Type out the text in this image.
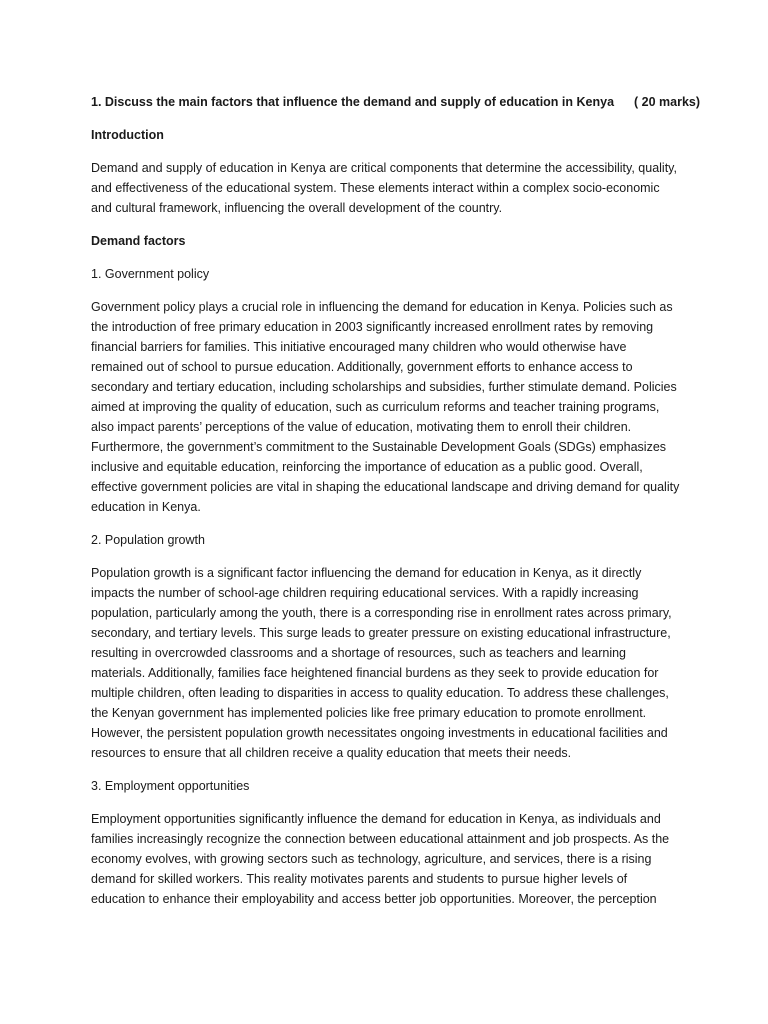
1. Discuss the main factors that influence the demand and supply of education in Kenya ( 20 marks)
Introduction
Demand and supply of education in Kenya are critical components that determine the accessibility, quality, and effectiveness of the educational system. These elements interact within a complex socio-economic and cultural framework, influencing the overall development of the country.
Demand factors
1. Government policy
Government policy plays a crucial role in influencing the demand for education in Kenya. Policies such as the introduction of free primary education in 2003 significantly increased enrollment rates by removing financial barriers for families. This initiative encouraged many children who would otherwise have remained out of school to pursue education. Additionally, government efforts to enhance access to secondary and tertiary education, including scholarships and subsidies, further stimulate demand. Policies aimed at improving the quality of education, such as curriculum reforms and teacher training programs, also impact parents’ perceptions of the value of education, motivating them to enroll their children. Furthermore, the government’s commitment to the Sustainable Development Goals (SDGs) emphasizes inclusive and equitable education, reinforcing the importance of education as a public good. Overall, effective government policies are vital in shaping the educational landscape and driving demand for quality education in Kenya.
2. Population growth
Population growth is a significant factor influencing the demand for education in Kenya, as it directly impacts the number of school-age children requiring educational services. With a rapidly increasing population, particularly among the youth, there is a corresponding rise in enrollment rates across primary, secondary, and tertiary levels. This surge leads to greater pressure on existing educational infrastructure, resulting in overcrowded classrooms and a shortage of resources, such as teachers and learning materials. Additionally, families face heightened financial burdens as they seek to provide education for multiple children, often leading to disparities in access to quality education. To address these challenges, the Kenyan government has implemented policies like free primary education to promote enrollment. However, the persistent population growth necessitates ongoing investments in educational facilities and resources to ensure that all children receive a quality education that meets their needs.
3. Employment opportunities
Employment opportunities significantly influence the demand for education in Kenya, as individuals and families increasingly recognize the connection between educational attainment and job prospects. As the economy evolves, with growing sectors such as technology, agriculture, and services, there is a rising demand for skilled workers. This reality motivates parents and students to pursue higher levels of education to enhance their employability and access better job opportunities. Moreover, the perception
